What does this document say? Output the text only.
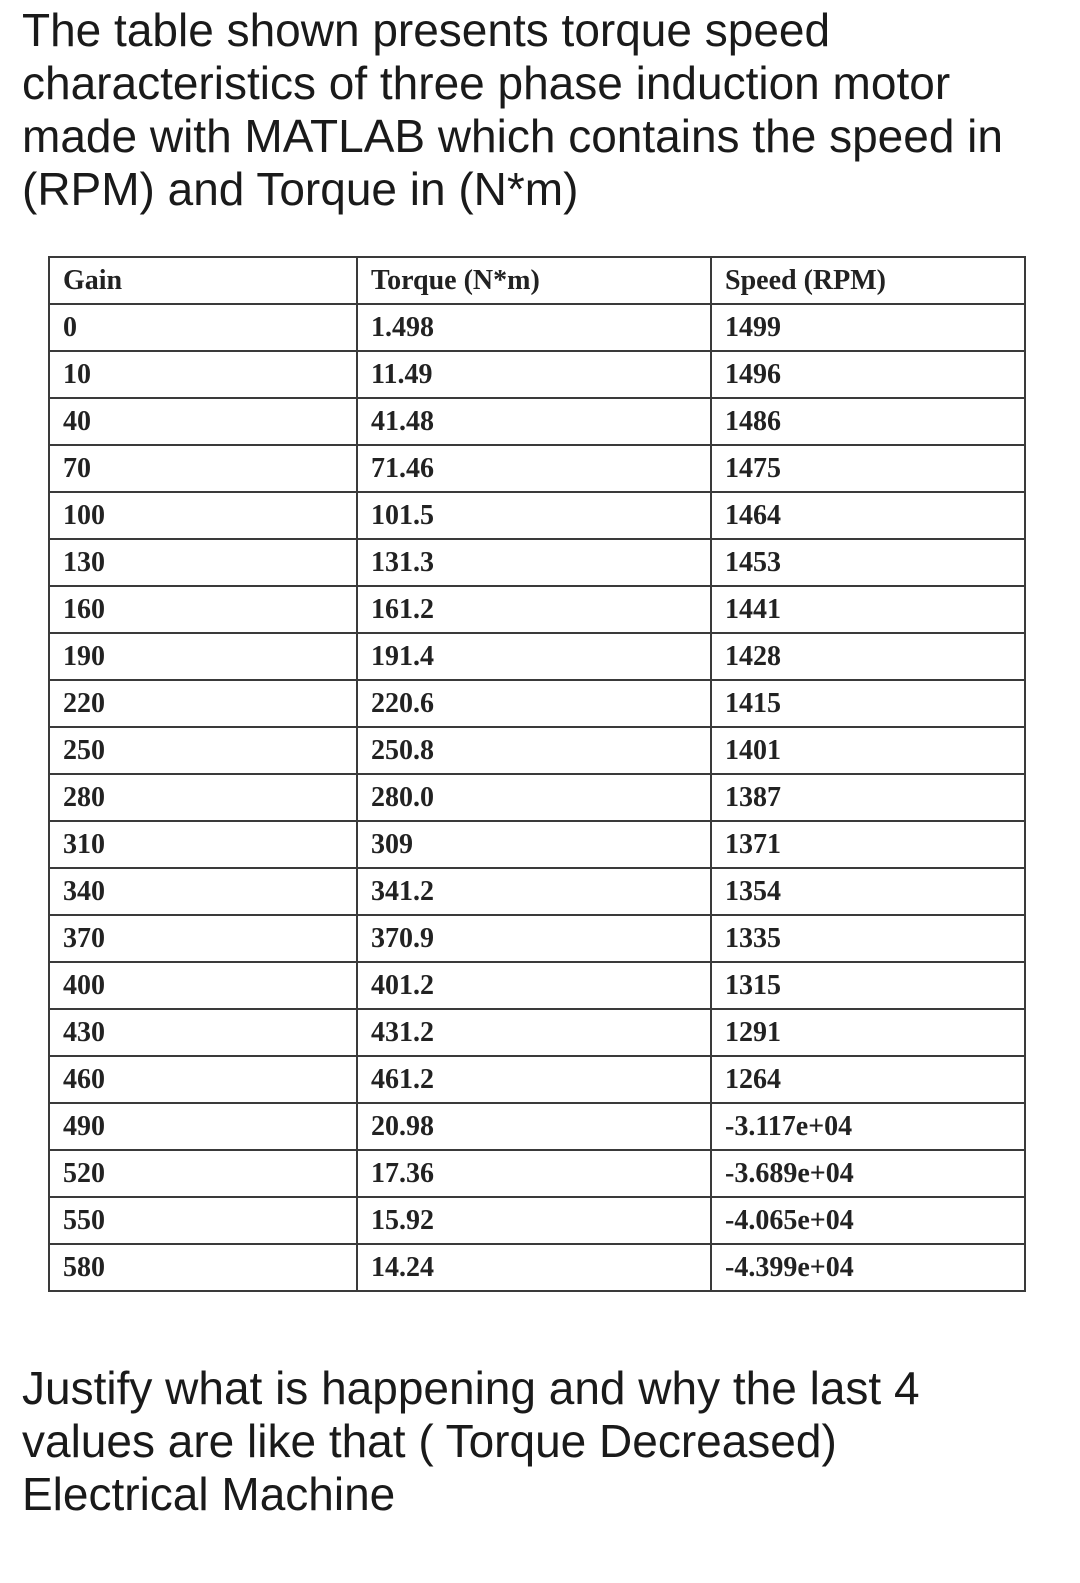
The table shown presents torque speed
characteristics of three phase induction motor
made with MATLAB which contains the speed in
(RPM) and Torque in (N*m)

Gain	Torque (N*m)	Speed (RPM)
0	1.498	1499
10	11.49	1496
40	41.48	1486
70	71.46	1475
100	101.5	1464
130	131.3	1453
160	161.2	1441
190	191.4	1428
220	220.6	1415
250	250.8	1401
280	280.0	1387
310	309	1371
340	341.2	1354
370	370.9	1335
400	401.2	1315
430	431.2	1291
460	461.2	1264
490	20.98	-3.117e+04
520	17.36	-3.689e+04
550	15.92	-4.065e+04
580	14.24	-4.399e+04

Justify what is happening and why the last 4
values are like that ( Torque Decreased)
Electrical Machine
